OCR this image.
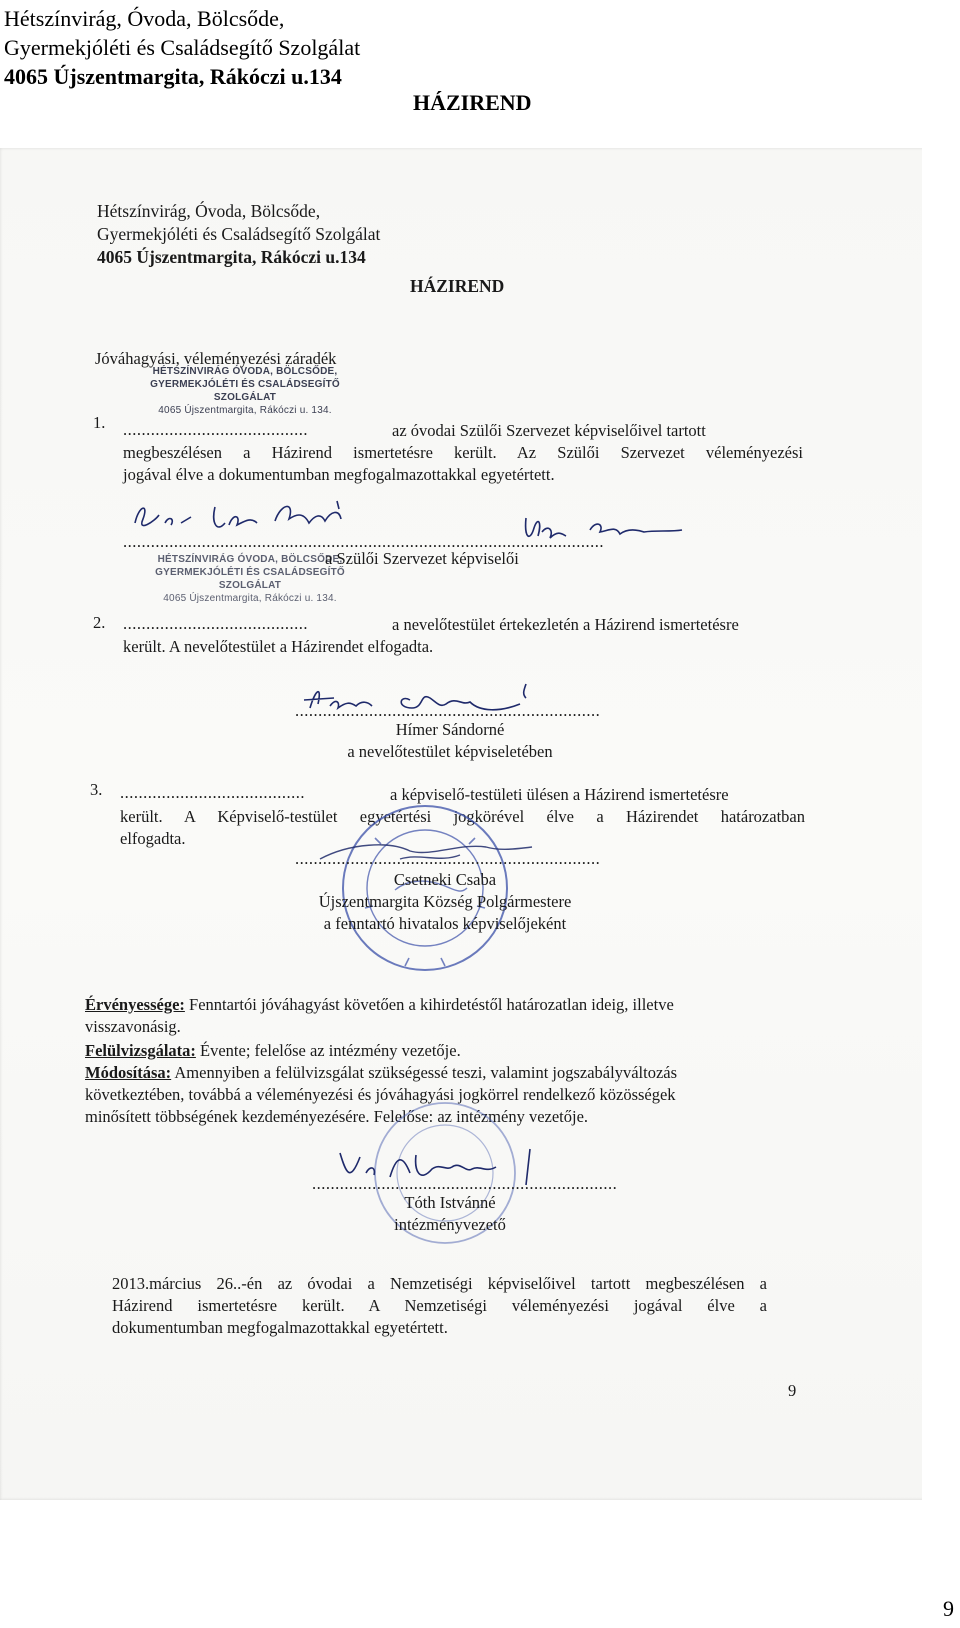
Hétszínvirág, Óvoda, Bölcsőde,
Gyermekjóléti és Családsegítő Szolgálat
4065 Újszentmargita, Rákóczi u.134
HÁZIREND
Hétszínvirág, Óvoda, Bölcsőde,
Gyermekjóléti és Családsegítő Szolgálat
4065 Újszentmargita, Rákóczi u.134
HÁZIREND
Jóváhagyási, véleményezési záradék
HÉTSZÍNVIRÁG ÓVODA, BÖLCSŐDE,
GYERMEKJÓLÉTI ÉS CSALÁDSEGÍTŐ
SZOLGÁLAT
4065 Újszentmargita, Rákóczi u. 134.
1. ........................................	az óvodai Szülői Szervezet képviselőivel tartott
megbeszélésen a Házirend ismertetésre került. Az Szülői Szervezet véleményezési
jogával élve a dokumentumban megfogalmazottakkal egyetértett.
........................................................................................................
HÉTSZÍNVIRÁG ÓVODA, BÖLCSŐDE,
GYERMEKJÓLÉTI ÉS CSALÁDSEGÍTŐ
SZOLGÁLAT
4065 Újszentmargita, Rákóczi u. 134.
a Szülői Szervezet képviselői
2. ........................................	a nevelőtestület értekezletén a Házirend ismertetésre
került. A nevelőtestület a Házirendet elfogadta.
..................................................................
Hímer Sándorné
a nevelőtestület képviseletében
3. ........................................	a képviselő-testületi ülésen a Házirend ismertetésre
került. A Képviselő-testület egyetértési jogkörével élve a Házirendet határozatban
elfogadta.
..................................................................
Csetneki Csaba
Újszentmargita Község Polgármestere
a fenntartó hivatalos képviselőjeként
Érvényessége: Fenntartói jóváhagyást követően a kihirdetéstől határozatlan ideig, illetve
visszavonásig.
Felülvizsgálata: Évente; felelőse az intézmény vezetője.
Módosítása: Amennyiben a felülvizsgálat szükségessé teszi, valamint jogszabályváltozás
következtében, továbbá a véleményezési és jóváhagyási jogkörrel rendelkező közösségek
minősített többségének kezdeményezésére. Felelőse: az intézmény vezetője.
..................................................................
Tóth Istvánné
intézményvezető
2013.március 26..-én az óvodai a Nemzetiségi képviselőivel tartott megbeszélésen a
Házirend ismertetésre került. A Nemzetiségi véleményezési jogával élve a
dokumentumban megfogalmazottakkal egyetértett.
9
9
